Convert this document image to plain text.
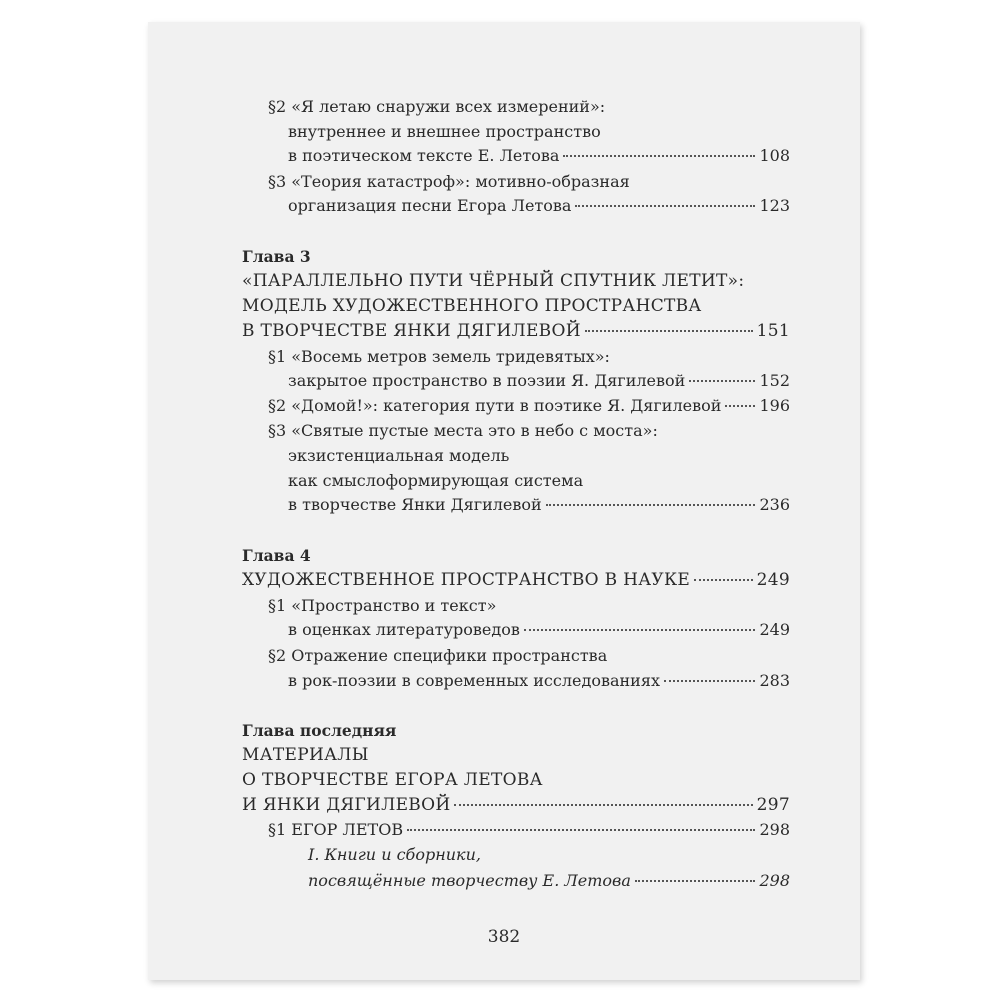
§2 «Я летаю снаружи всех измерений»:
внутреннее и внешнее пространство
в поэтическом тексте Е. Летова	108
§3 «Теория катастроф»: мотивно-образная
организация песни Егора Летова	123
Глава 3
«ПАРАЛЛЕЛЬНО ПУТИ ЧЁРНЫЙ СПУТНИК ЛЕТИТ»:
МОДЕЛЬ ХУДОЖЕСТВЕННОГО ПРОСТРАНСТВА
В ТВОРЧЕСТВЕ ЯНКИ ДЯГИЛЕВОЙ	151
§1 «Восемь метров земель тридевятых»:
закрытое пространство в поэзии Я. Дягилевой	152
§2 «Домой!»: категория пути в поэтике Я. Дягилевой 196
§3 «Святые пустые места это в небо с моста»:
экзистенциальная модель
как смыслоформирующая система
в творчестве Янки Дягилевой	236
Глава 4
ХУДОЖЕСТВЕННОЕ ПРОСТРАНСТВО В НАУКЕ	249
§1 «Пространство и текст»
в оценках литературоведов	249
§2 Отражение специфики пространства
в рок-поэзии в современных исследованиях	283
Глава последняя
МАТЕРИАЛЫ
О ТВОРЧЕСТВЕ ЕГОРА ЛЕТОВА
И ЯНКИ ДЯГИЛЕВОЙ	297
§1 ЕГОР ЛЕТОВ	298
I. Книги и сборники,
посвящённые творчеству Е. Летова	298
382
